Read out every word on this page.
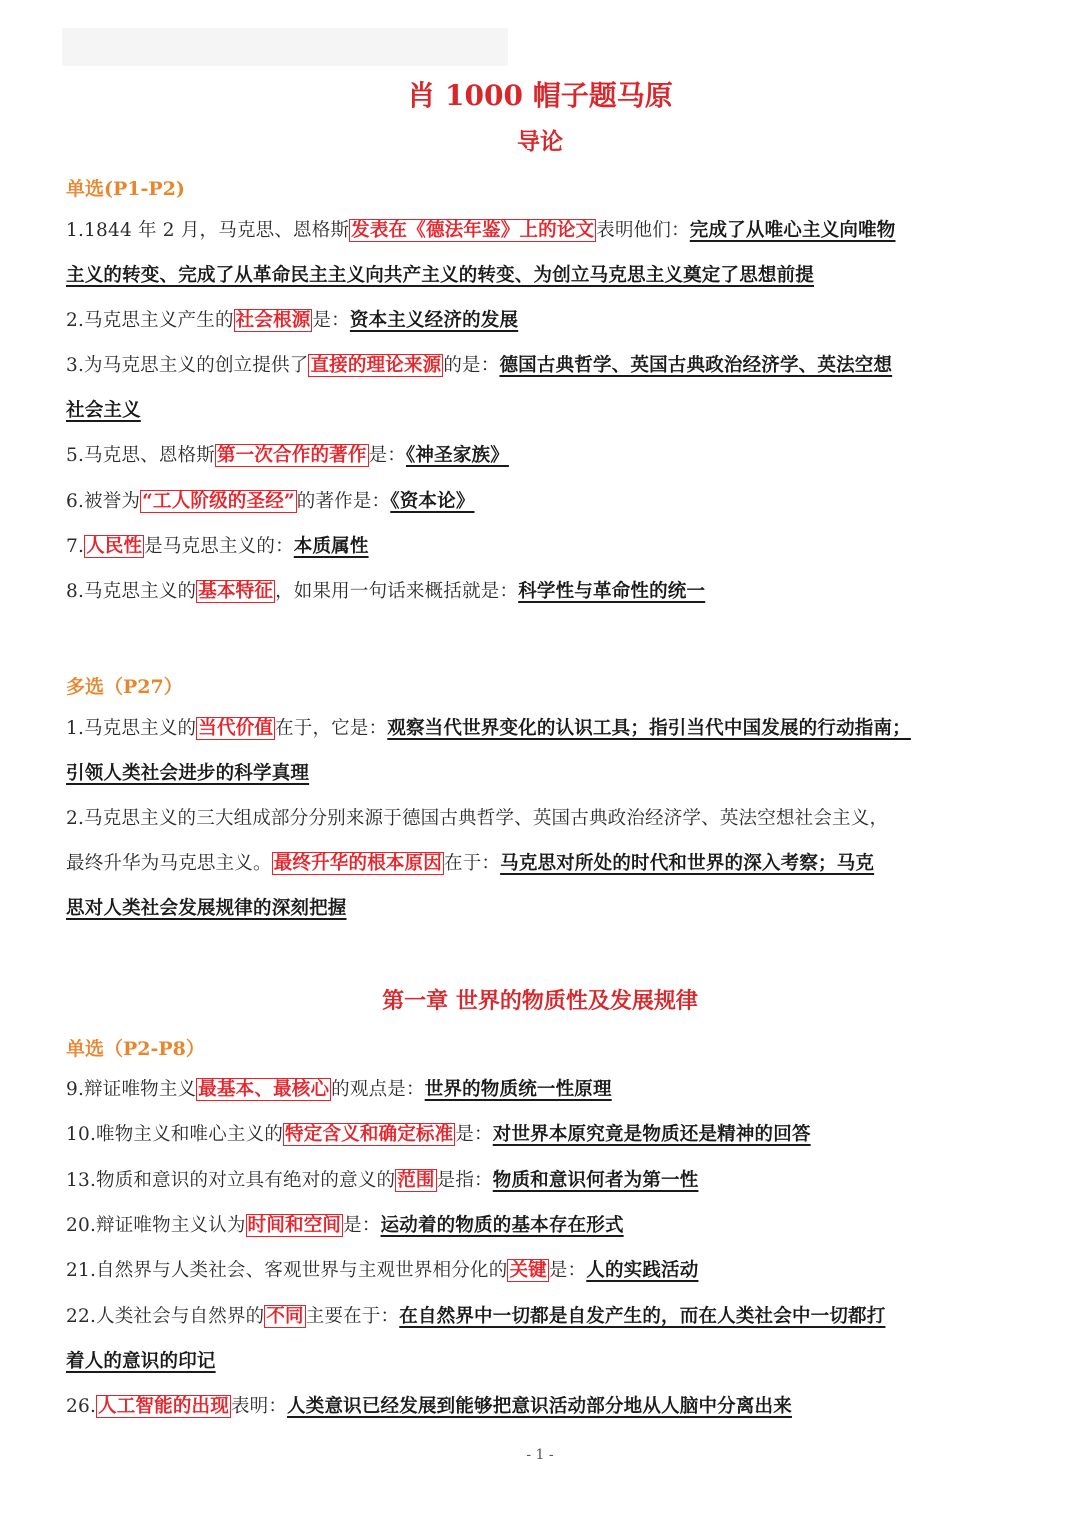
肖 1000 帽子题马原
导论
单选(P1-P2)
1.1844 年 2 月，马克思、恩格斯 发表在《德法年鉴》上的论文 表明他们：完成了从唯心主义向唯物
主义的转变、完成了从革命民主主义向共产主义的转变、为创立马克思主义奠定了思想前提
2.马克思主义产生的 社会根源 是：资本主义经济的发展
3.为马克思主义的创立提供了 直接的理论来源 的是：德国古典哲学、英国古典政治经济学、英法空想
社会主义
5.马克思、恩格斯 第一次合作的著作 是：《神圣家族》
6.被誉为 “工人阶级的圣经” 的著作是：《资本论》
7. 人民性 是马克思主义的：本质属性
8.马克思主义的 基本特征 ，如果用一句话来概括就是：科学性与革命性的统一
多选（P27）
1.马克思主义的 当代价值 在于，它是：观察当代世界变化的认识工具；指引当代中国发展的行动指南；
引领人类社会进步的科学真理
2.马克思主义的三大组成部分分别来源于德国古典哲学、英国古典政治经济学、英法空想社会主义，
最终升华为马克思主义。 最终升华的根本原因 在于：马克思对所处的时代和世界的深入考察；马克
思对人类社会发展规律的深刻把握
第一章 世界的物质性及发展规律
单选（P2-P8）
9.辩证唯物主义 最基本、最核心 的观点是：世界的物质统一性原理
10.唯物主义和唯心主义的 特定含义和确定标准 是：对世界本原究竟是物质还是精神的回答
13.物质和意识的对立具有绝对的意义的 范围 是指：物质和意识何者为第一性
20.辩证唯物主义认为 时间和空间 是：运动着的物质的基本存在形式
21.自然界与人类社会、客观世界与主观世界相分化的 关键 是：人的实践活动
22.人类社会与自然界的 不同 主要在于：在自然界中一切都是自发产生的，而在人类社会中一切都打
着人的意识的印记
26. 人工智能的出现 表明：人类意识已经发展到能够把意识活动部分地从人脑中分离出来
- 1 -
